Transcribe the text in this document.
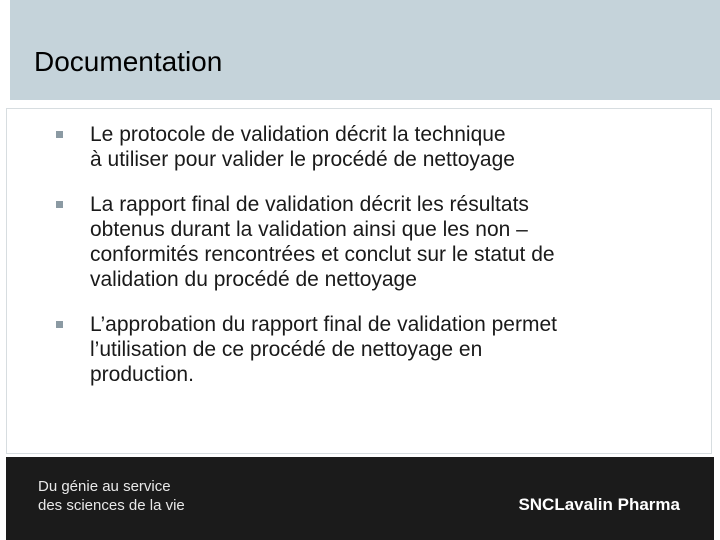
Documentation
Le protocole de validation décrit la technique
à utiliser pour valider le procédé de nettoyage
La rapport final de validation décrit les résultats
obtenus durant la validation ainsi que les non –
conformités rencontrées et conclut sur le statut de
validation du procédé de nettoyage
L’approbation du rapport final de validation permet
l’utilisation de ce procédé de nettoyage en
production.
Du génie au service
des sciences de la vie	SNCLavalin Pharma
